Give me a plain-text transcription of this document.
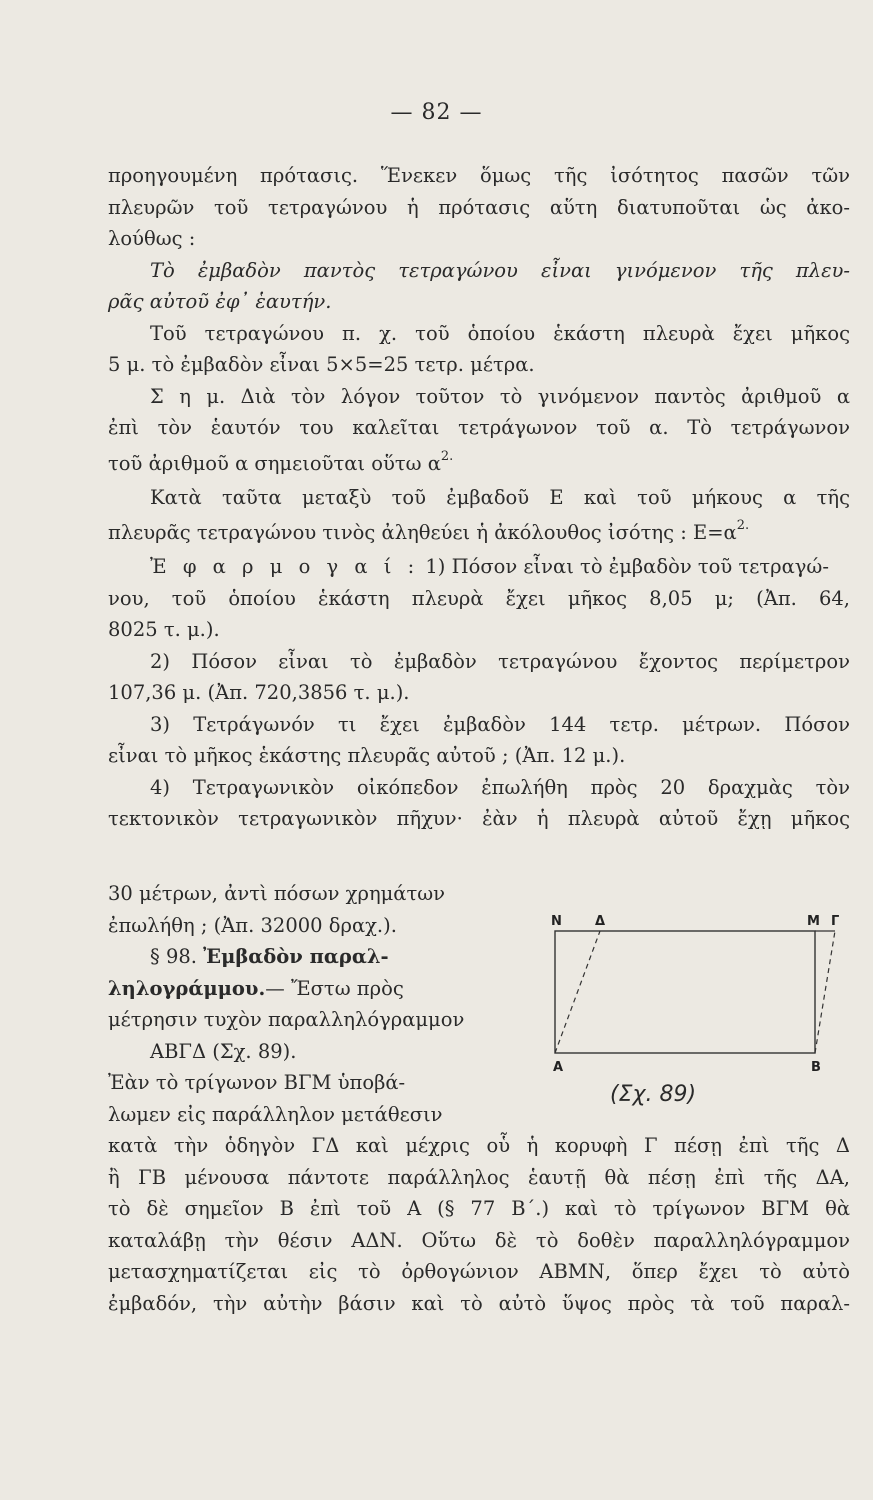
— 82 —
προηγουμένη πρότασις. Ἕνεκεν ὅμως τῆς ἰσότητος πασῶν τῶν
πλευρῶν τοῦ τετραγώνου ἡ πρότασις αὕτη διατυποῦται ὡς ἀκο-
λούθως :
Τὸ ἐμβαδὸν παντὸς τετραγώνου εἶναι γινόμενον τῆς πλευ-
ρᾶς αὐτοῦ ἐφ᾽ ἑαυτήν.
Τοῦ τετραγώνου π. χ. τοῦ ὁποίου ἑκάστη πλευρὰ ἔχει μῆκος
5 μ. τὸ ἐμβαδὸν εἶναι 5×5=25 τετρ. μέτρα.
Σ η μ. Διὰ τὸν λόγον τοῦτον τὸ γινόμενον παντὸς ἀριθμοῦ α
ἐπὶ τὸν ἑαυτόν του καλεῖται τετράγωνον τοῦ α. Τὸ τετράγωνον
τοῦ ἀριθμοῦ α σημειοῦται οὕτω $\alpha^{2.}$
Κατὰ ταῦτα μεταξὺ τοῦ ἐμβαδοῦ Ε καὶ τοῦ μήκους α τῆς
πλευρᾶς τετραγώνου τινὸς ἀληθεύει ἡ ἀκόλουθος ἰσότης : $E=\alpha^{2.}$
Ἐ φ α ρ μ ο γ α ί : 1) Πόσον εἶναι τὸ ἐμβαδὸν τοῦ τετραγώ-
νου, τοῦ ὁποίου ἑκάστη πλευρὰ ἔχει μῆκος 8,05 μ; (Ἀπ. 64,
8025 τ. μ.).
2) Πόσον εἶναι τὸ ἐμβαδὸν τετραγώνου ἔχοντος περίμετρον
107,36 μ. (Ἀπ. 720,3856 τ. μ.).
3) Τετράγωνόν τι ἔχει ἐμβαδὸν 144 τετρ. μέτρων. Πόσον
εἶναι τὸ μῆκος ἑκάστης πλευρᾶς αὐτοῦ ; (Ἀπ. 12 μ.).
4) Τετραγωνικὸν οἰκόπεδον ἐπωλήθη πρὸς 20 δραχμὰς τὸν
τεκτονικὸν τετραγωνικὸν πῆχυν· ἐὰν ἡ πλευρὰ αὐτοῦ ἔχῃ μῆκος
30 μέτρων, ἀντὶ πόσων χρημάτων
ἐπωλήθη ; (Ἀπ. 32000 δραχ.).
§ 98. Ἐμβαδὸν παραλ-
ληλογράμμου.— Ἔστω πρὸς
μέτρησιν τυχὸν παραλληλόγραμμον
ΑΒΓΔ (Σχ. 89).
Ἐὰν τὸ τρίγωνον ΒΓΜ ὑποβά-
λωμεν εἰς παράλληλον μετάθεσιν
N	Δ	M Γ
A	B
(Σχ. 89)
κατὰ τὴν ὁδηγὸν ΓΔ καὶ μέχρις οὗ ἡ κορυφὴ Γ πέσῃ ἐπὶ τῆς Δ
ἢ ΓΒ μένουσα πάντοτε παράλληλος ἑαυτῇ θὰ πέσῃ ἐπὶ τῆς ΔΑ,
τὸ δὲ σημεῖον Β ἐπὶ τοῦ Α (§ 77 Β΄.) καὶ τὸ τρίγωνον ΒΓΜ θὰ
καταλάβῃ τὴν θέσιν ΑΔΝ. Οὕτω δὲ τὸ δοθὲν παραλληλόγραμμον
μετασχηματίζεται εἰς τὸ ὀρθογώνιον ΑΒΜΝ, ὅπερ ἔχει τὸ αὐτὸ
ἐμβαδόν, τὴν αὐτὴν βάσιν καὶ τὸ αὐτὸ ὕψος πρὸς τὰ τοῦ παραλ-
